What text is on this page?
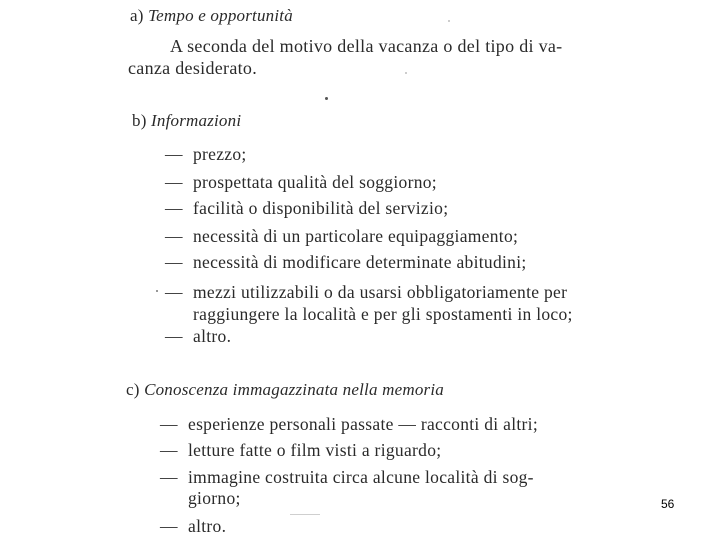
a) Tempo e opportunità
A seconda del motivo della vacanza o del tipo di va-
canza desiderato.
b) Informazioni
— prezzo;
— prospettata qualità del soggiorno;
— facilità o disponibilità del servizio;
— necessità di un particolare equipaggiamento;
— necessità di modificare determinate abitudini;
— mezzi utilizzabili o da usarsi obbligatoriamente per
raggiungere la località e per gli spostamenti in loco;
— altro.
c) Conoscenza immagazzinata nella memoria
— esperienze personali passate — racconti di altri;
— letture fatte o film visti a riguardo;
— immagine costruita circa alcune località di sog-
giorno;
— altro.
56
